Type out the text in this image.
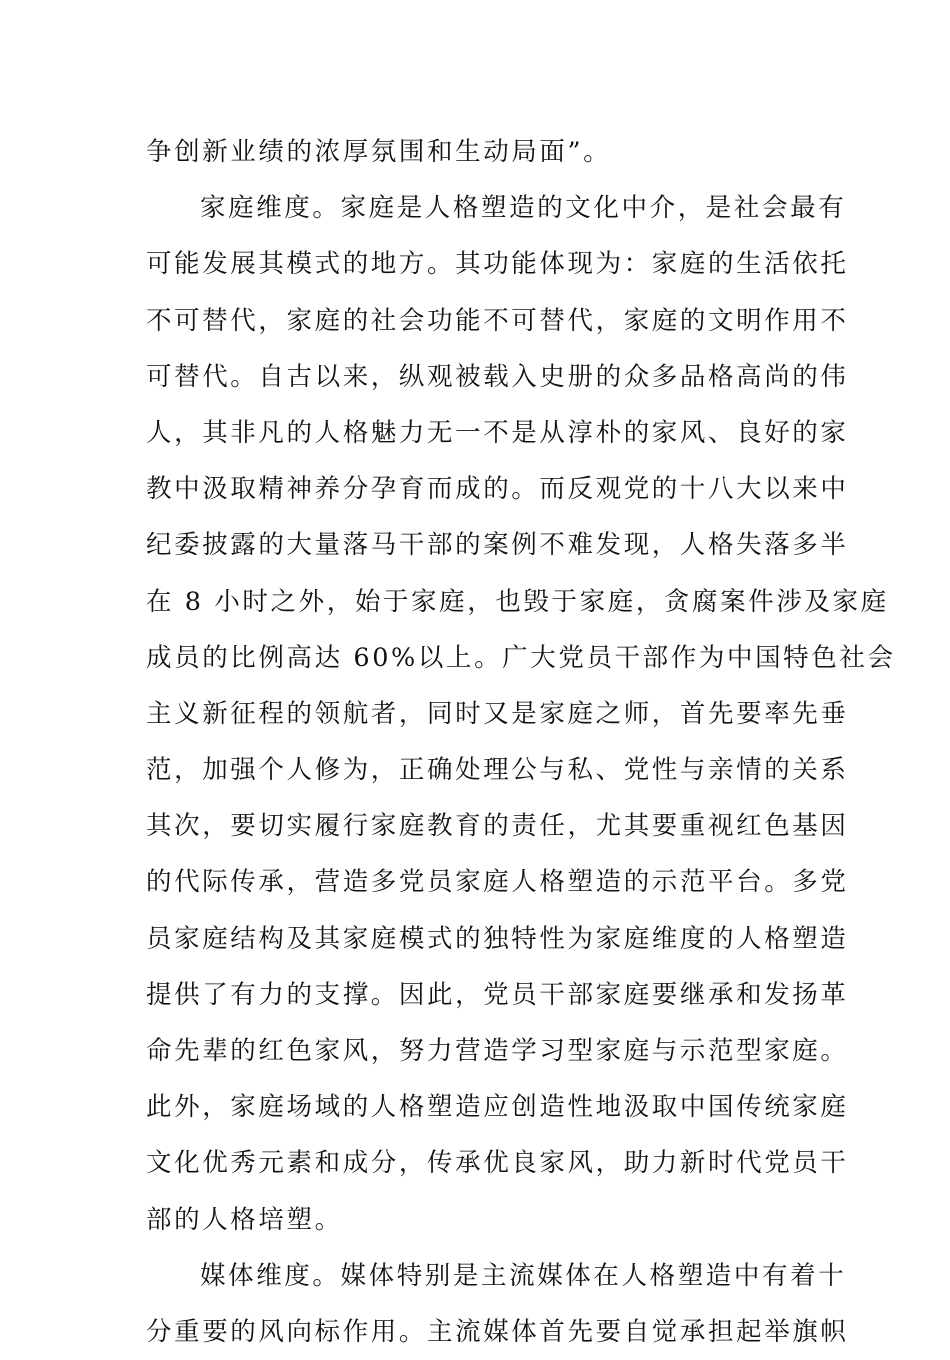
争创新业绩的浓厚氛围和生动局面”。
家庭维度。家庭是人格塑造的文化中介，是社会最有
可能发展其模式的地方。其功能体现为：家庭的生活依托
不可替代，家庭的社会功能不可替代，家庭的文明作用不
可替代。自古以来，纵观被载入史册的众多品格高尚的伟
人，其非凡的人格魅力无一不是从淳朴的家风、良好的家
教中汲取精神养分孕育而成的。而反观党的十八大以来中
纪委披露的大量落马干部的案例不难发现，人格失落多半
在 8 小时之外，始于家庭，也毁于家庭，贪腐案件涉及家庭
成员的比例高达 60%以上。广大党员干部作为中国特色社会
主义新征程的领航者，同时又是家庭之师，首先要率先垂
范，加强个人修为，正确处理公与私、党性与亲情的关系
其次，要切实履行家庭教育的责任，尤其要重视红色基因
的代际传承，营造多党员家庭人格塑造的示范平台。多党
员家庭结构及其家庭模式的独特性为家庭维度的人格塑造
提供了有力的支撑。因此，党员干部家庭要继承和发扬革
命先辈的红色家风，努力营造学习型家庭与示范型家庭。
此外，家庭场域的人格塑造应创造性地汲取中国传统家庭
文化优秀元素和成分，传承优良家风，助力新时代党员干
部的人格培塑。
媒体维度。媒体特别是主流媒体在人格塑造中有着十
分重要的风向标作用。主流媒体首先要自觉承担起举旗帜
